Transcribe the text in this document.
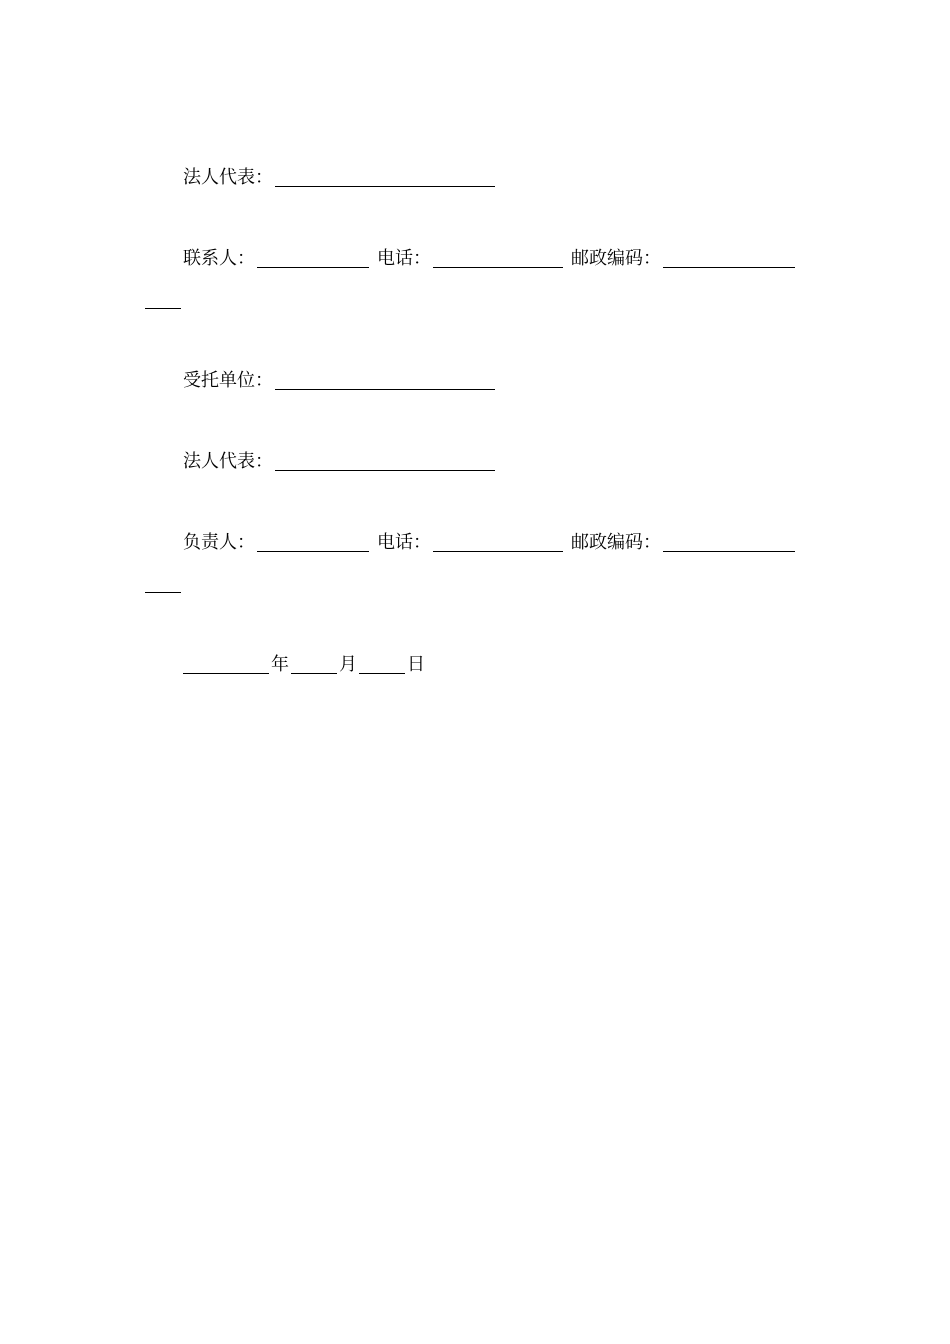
法人代表：
联系人：	电话：	邮政编码：
受托单位：
法人代表：
负责人：	电话：	邮政编码：
年	月	日
